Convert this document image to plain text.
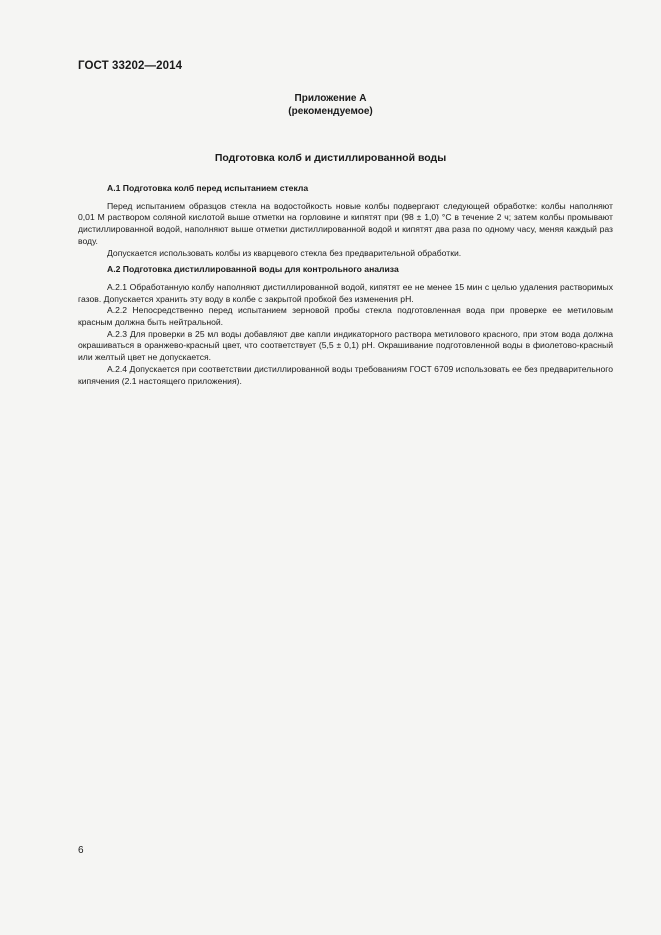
ГОСТ 33202—2014
Приложение А
(рекомендуемое)
Подготовка колб и дистиллированной воды
А.1 Подготовка колб перед испытанием стекла

Перед испытанием образцов стекла на водостойкость новые колбы подвергают следующей обработке: колбы наполняют 0,01 М раствором соляной кислотой выше отметки на горловине и кипятят при (98 ± 1,0) °С в течение 2 ч; затем колбы промывают дистиллированной водой, наполняют выше отметки дистиллированной водой и кипятят два раза по одному часу, меняя каждый раз воду.

Допускается использовать колбы из кварцевого стекла без предварительной обработки.

А.2 Подготовка дистиллированной воды для контрольного анализа

А.2.1 Обработанную колбу наполняют дистиллированной водой, кипятят ее не менее 15 мин с целью удаления растворимых газов. Допускается хранить эту воду в колбе с закрытой пробкой без изменения pH.

А.2.2 Непосредственно перед испытанием зерновой пробы стекла подготовленная вода при проверке ее метиловым красным должна быть нейтральной.

А.2.3 Для проверки в 25 мл воды добавляют две капли индикаторного раствора метилового красного, при этом вода должна окрашиваться в оранжево-красный цвет, что соответствует (5,5 ± 0,1) pH. Окрашивание подготовленной воды в фиолетово-красный или желтый цвет не допускается.

А.2.4 Допускается при соответствии дистиллированной воды требованиям ГОСТ 6709 использовать ее без предварительного кипячения (2.1 настоящего приложения).

6
